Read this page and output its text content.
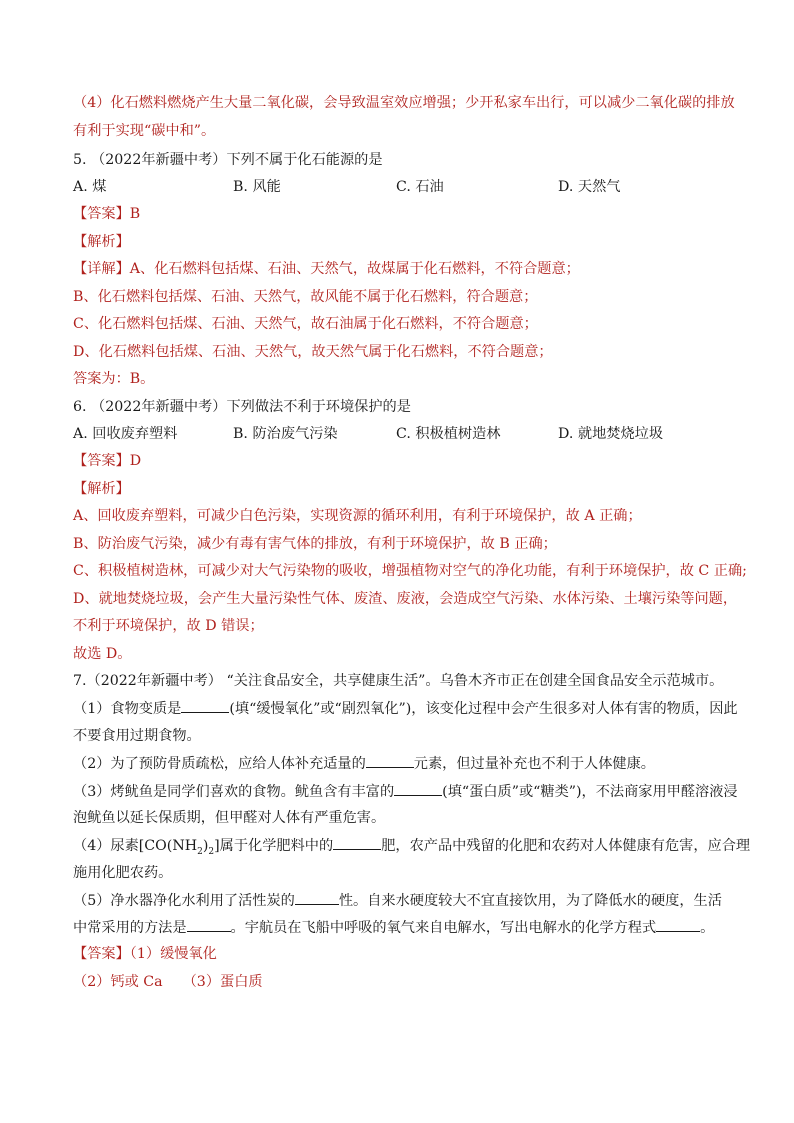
（4）化石燃料燃烧产生大量二氧化碳，会导致温室效应增强；少开私家车出行，可以减少二氧化碳的排放
有利于实现“碳中和”。
5. （2022年新疆中考）下列不属于化石能源的是
A. 煤	B. 风能	C. 石油	D. 天然气
【答案】B
【解析】
【详解】A、化石燃料包括煤、石油、天然气，故煤属于化石燃料，不符合题意；
B、化石燃料包括煤、石油、天然气，故风能不属于化石燃料，符合题意；
C、化石燃料包括煤、石油、天然气，故石油属于化石燃料，不符合题意；
D、化石燃料包括煤、石油、天然气，故天然气属于化石燃料，不符合题意；
答案为：B。
6. （2022年新疆中考）下列做法不利于环境保护的是
A. 回收废弃塑料	B. 防治废气污染	C. 积极植树造林	D. 就地焚烧垃圾
【答案】D
【解析】
A、回收废弃塑料，可减少白色污染，实现资源的循环利用，有利于环境保护，故 A 正确；
B、防治废气污染，减少有毒有害气体的排放，有利于环境保护，故 B 正确；
C、积极植树造林，可减少对大气污染物的吸收，增强植物对空气的净化功能，有利于环境保护，故 C 正确;
D、就地焚烧垃圾，会产生大量污染性气体、废渣、废液，会造成空气污染、水体污染、土壤污染等问题，
不利于环境保护，故 D 错误；
故选 D。
7.（2022年新疆中考） “关注食品安全，共享健康生活”。乌鲁木齐市正在创建全国食品安全示范城市。
（1）食物变质是	(填“缓慢氧化”或“剧烈氧化”)，该变化过程中会产生很多对人体有害的物质，因此
不要食用过期食物。
（2）为了预防骨质疏松，应给人体补充适量的	元素，但过量补充也不利于人体健康。
（3）烤鱿鱼是同学们喜欢的食物。鱿鱼含有丰富的	(填“蛋白质”或“糖类”)，不法商家用甲醛溶液浸
泡鱿鱼以延长保质期，但甲醛对人体有严重危害。
（4）尿素$[CO(NH_2)_2]$属于化学肥料中的	肥，农产品中残留的化肥和农药对人体健康有危害，应合理
施用化肥农药。
（5）净水器净化水利用了活性炭的	性。自来水硬度较大不宜直接饮用，为了降低水的硬度，生活
中常采用的方法是	。宇航员在飞船中呼吸的氧气来自电解水，写出电解水的化学方程式	。
【答案】（1）缓慢氧化
（2）钙或 Ca （3）蛋白质
